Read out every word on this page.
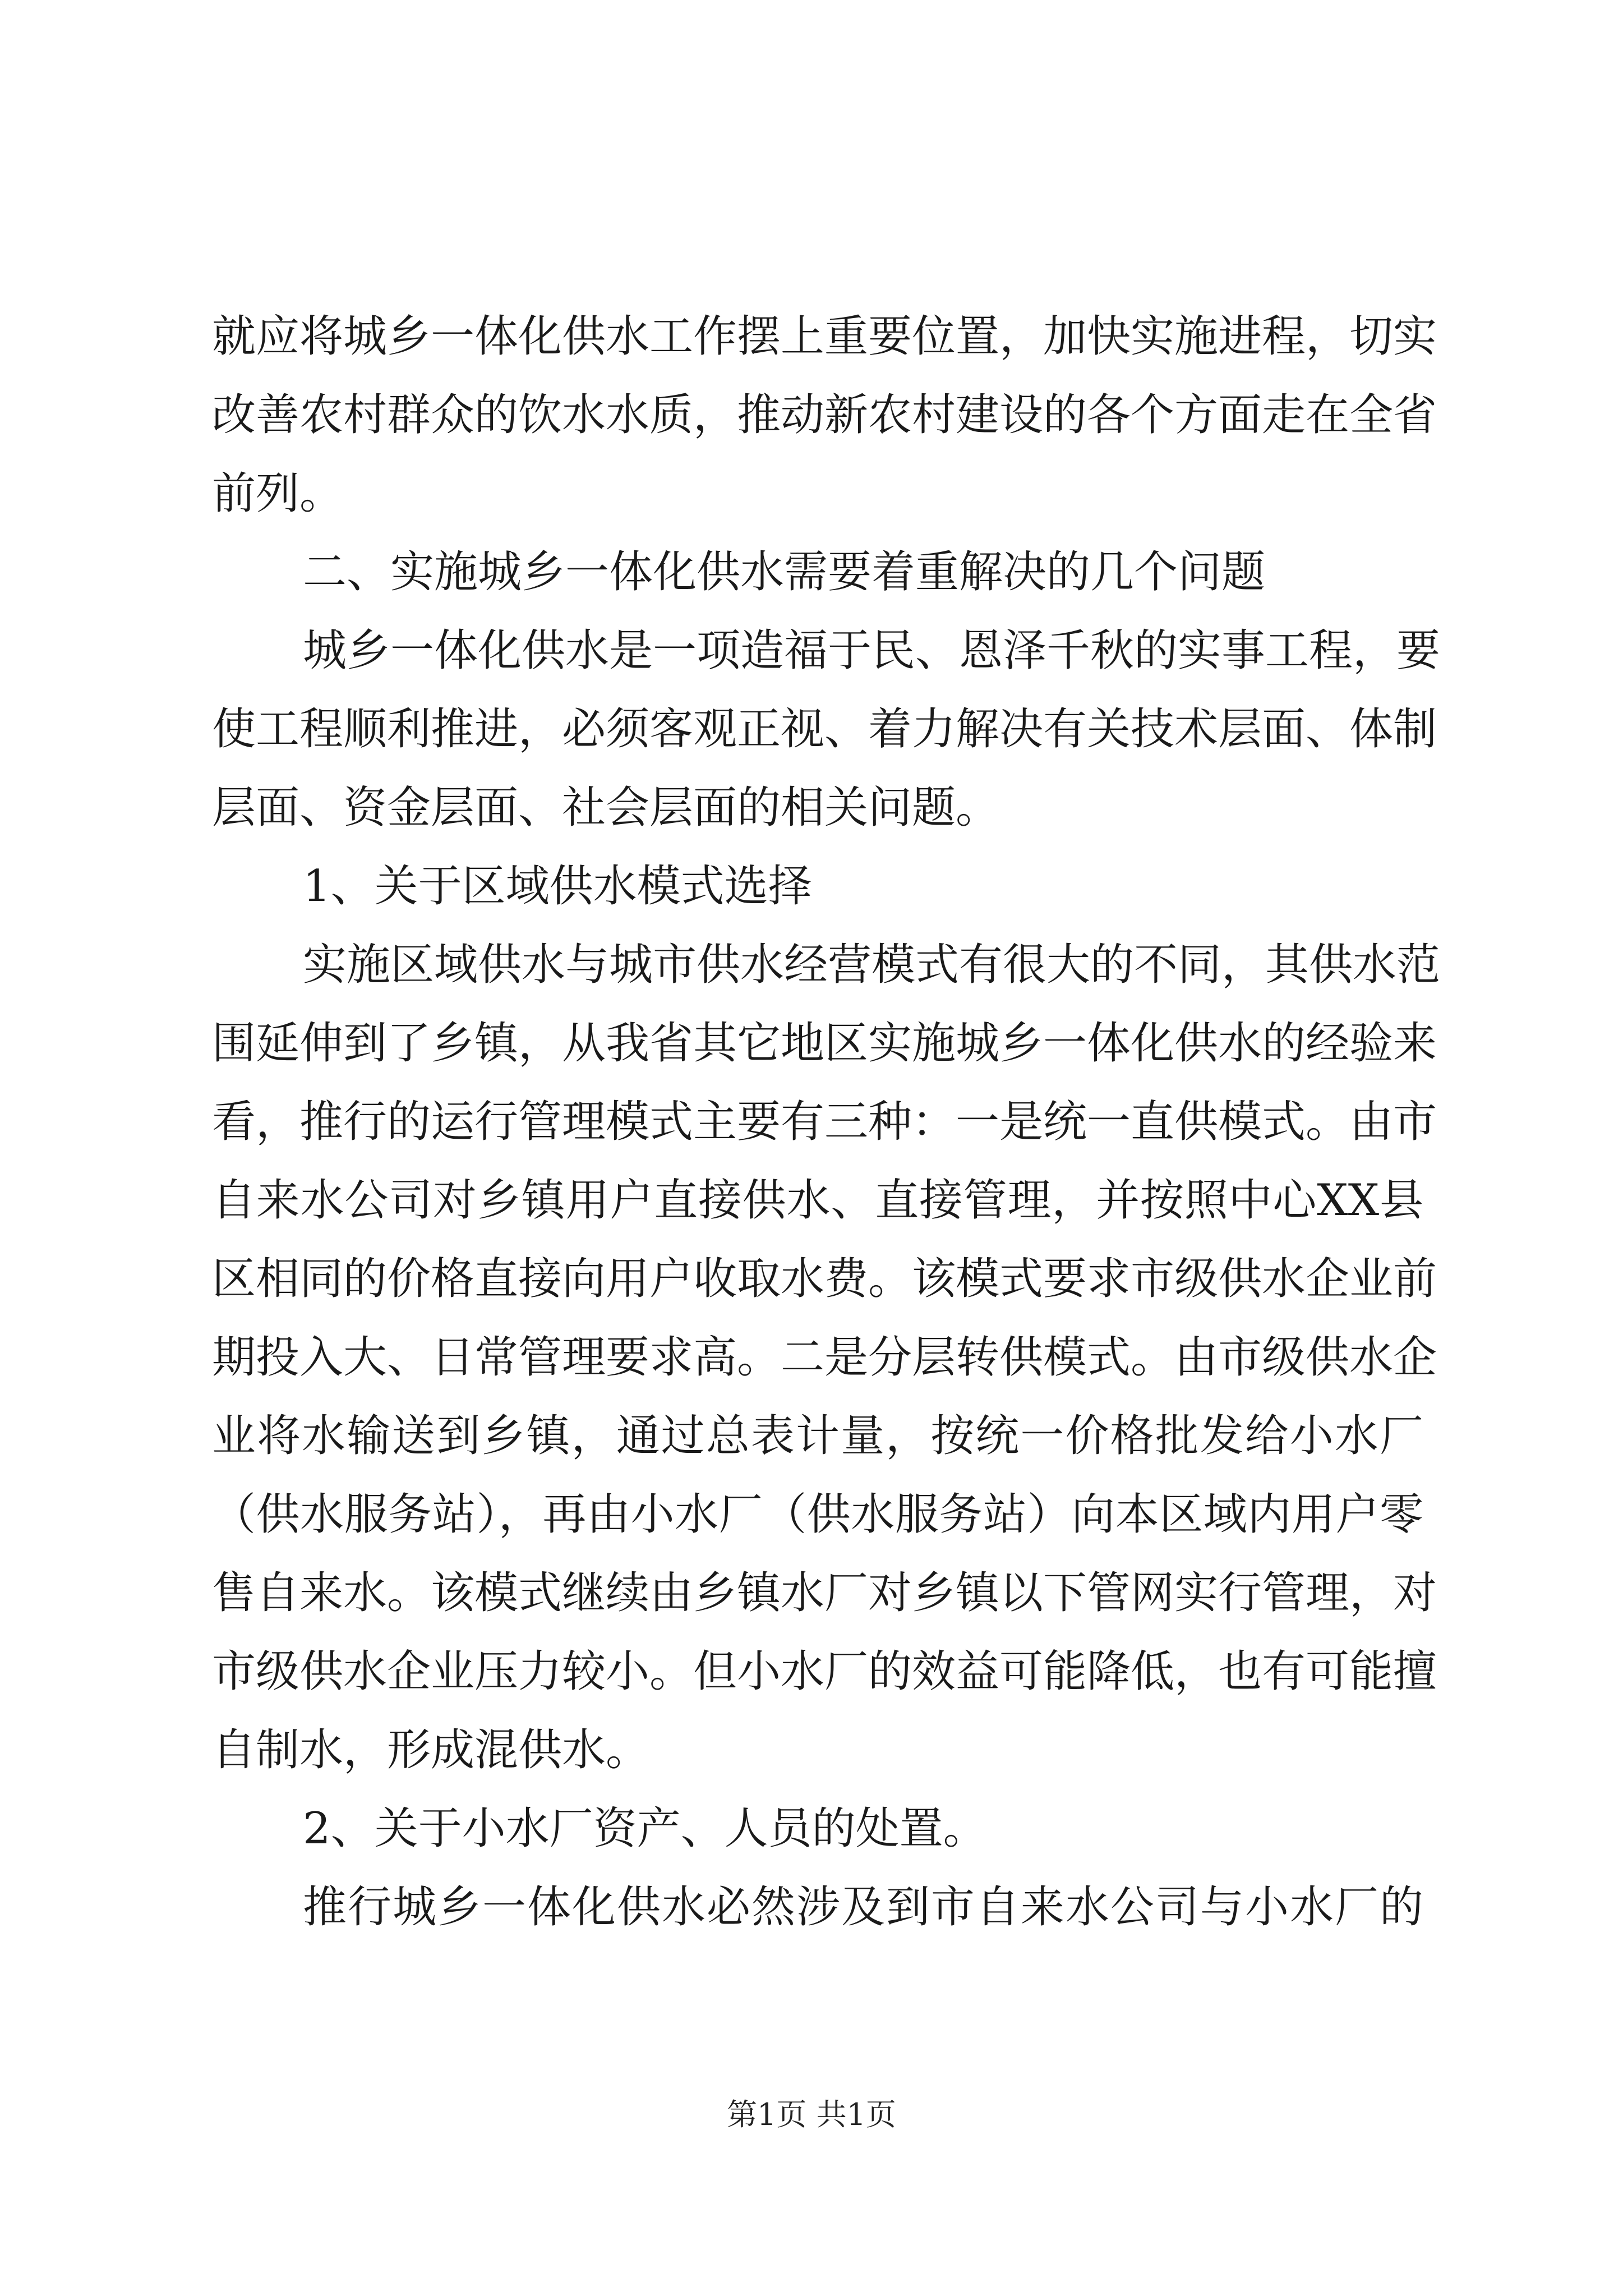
就应将城乡一体化供水工作摆上重要位置，加快实施进程，切实
改善农村群众的饮水水质，推动新农村建设的各个方面走在全省
前列。
二、实施城乡一体化供水需要着重解决的几个问题
城乡一体化供水是一项造福于民、恩泽千秋的实事工程，要
使工程顺利推进，必须客观正视、着力解决有关技术层面、体制
层面、资金层面、社会层面的相关问题。
1、关于区域供水模式选择
实施区域供水与城市供水经营模式有很大的不同，其供水范
围延伸到了乡镇，从我省其它地区实施城乡一体化供水的经验来
看，推行的运行管理模式主要有三种：一是统一直供模式。由市
自来水公司对乡镇用户直接供水、直接管理，并按照中心XX县
区相同的价格直接向用户收取水费。该模式要求市级供水企业前
期投入大、日常管理要求高。二是分层转供模式。由市级供水企
业将水输送到乡镇，通过总表计量，按统一价格批发给小水厂
（供水服务站），再由小水厂（供水服务站）向本区域内用户零
售自来水。该模式继续由乡镇水厂对乡镇以下管网实行管理，对
市级供水企业压力较小。但小水厂的效益可能降低，也有可能擅
自制水，形成混供水。
2、关于小水厂资产、人员的处置。
推行城乡一体化供水必然涉及到市自来水公司与小水厂的
第1页 共1页
